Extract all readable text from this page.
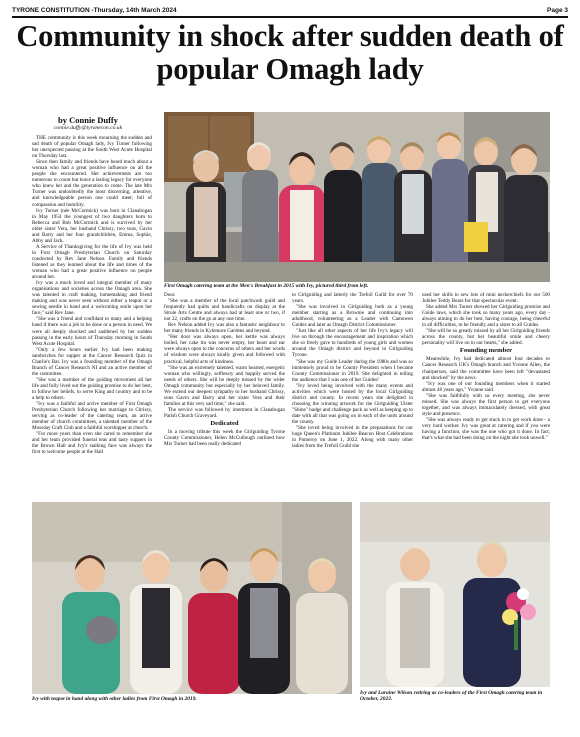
TYRONE CONSTITUTION -Thursday, 14th March 2024	Page 3
Community in shock after sudden death of popular Omagh lady
by Connie Duffy
connie.duffy@tyronecon.co.uk

THE community is this week mourning the sudden and sad death of popular Omagh lady, Ivy Turner following her unexpected passing at the South West Acute Hospital on Thursday last.

Since then family and friends have heard much about a woman who had a great positive influence on all the people she encountered. Her achievements are too numerous to count but leave a lasting legacy for everyone who knew her and the generation to come. The late Mrs Turner was undoubtedly the most discerning, attentive, and knowledgeable person one could meet; full of compassion and humility.

Ivy Turner (née McCormick) was born in Clanabogan in May 1954 the youngest of two daughters born to Rebecca and Bob McCormick and is survived by her older sister Vera, her husband Chrissy, two sons, Gavin and Barry and her four grandchildren, Emma, Sophie, Abby and Jack.

A Service of Thanksgiving for the life of Ivy was held in First Omagh Presbyterian Church on Saturday conducted by Rev Jane Nelson. Family and friends listened as they learned about the life and times of the woman who had a great positive influence on people around her.

Ivy was a much loved and integral member of many organisations and societies across the Omagh area. She was talented in craft making, homemaking and friend making and was never seen without either a teapot or a sewing needle in hand and a welcoming smile upon her face," said Rev Jane.

"She was a friend and confidant to many and a helping hand if there was a job to be done or a person in need. We were all deeply shocked and saddened by her sudden passing in the early hours of Thursday morning in South West Acute Hospital.

"Only a few hours earlier Ivy had been making sandwiches for supper at the Cancer Research Quiz in Charlie's Bar. Ivy was a founding member of the Omagh Branch of Cancer Research NI and an active member of the committee.

"She was a member of the guiding movement all her life and fully lived out the guiding promise to do her best, to follow her beliefs, to serve King and country and to be a help to others.

"Ivy was a faithful and active member of First Omagh Presbyterian Church following her marriage to Chrissy, serving as co-leader of the catering team, an active member of church committees, a talented member of the Mossday Craft Club and a faithful worshipper at church.

"For more years than even she cared to remember she and her team provided funeral teas and tasty suppers in the Brown Hall and Ivy's stalking face was always the first to welcome people at the Hall

First Omagh catering team at the Men's Breakfast in 2015 with Ivy, pictured third from left.

Door.

"She was a member of the local patchwork guild and frequently had quilts and handicrafts on display at the Strule Arts Centre and always had at least one or two, if not 22, crafts on the go at any one time.

Rev Nelson added Ivy was also a fantastic neighbour to her many friends in Kylemore Gardens and beyond.

"Her door was always open, her kettle was always boiled, her cake tin was never empty, her heart and ear were always open to the concerns of others and her words of wisdom were always kindly given and followed with practical, helpful acts of kindness.

"She was an extremely talented, warm hearted, energetic woman who willingly, selflessly and happily served the needs of others. She will be deeply missed by the wider Omagh community but especially by her beloved family. We extend our deepest sympathy to her husband Chrissy, sons Gavin and Barry and her sister Vera and their families at this very sad time," she said.

The service was followed by interment in Clanabogan Parish Church Graveyard.

Dedicated

In a moving tribute this week the Girlguiding Tyrone County Commissioner, Helen McCullough outlined how Mrs Turner had been really dedicated

to Girlguiding and latterly the Trefoil Guild for over 70 years.

"She was involved in Girlguiding both as a young member starting as a Brownie and continuing into adulthood, volunteering as a Leader with Camowen Guides and later as Omagh District Commissioner.

"Just like all other aspects of her life Ivy's legacy will live on through the encouragement and inspiration which she so freely gave to hundreds of young girls and women around the Omagh district and beyond in Girlguiding Tyrone.

"She was my Guide Leader during the 1980s and was so immensely proud to be County President when I became County Commissioner in 2019. She delighted in telling the audience that I was one of her Guides!

"Ivy loved being involved with the many events and activities which were hosted by the local Girlguiding district and county. In recent years she delighted in choosing the winning artwork for the Girlguiding Ulster "Shine" badge and challenge pack as well as keeping up to date with all that was going on in each of the units around the county.

"She loved being involved in the preparations for our huge Queen's Platinum Jubilee Beacon Host Celebrations in Pomeroy on June 1, 2022. Along with many other ladies from the Trefoil Guild she

used her skills to sew lots of mini neckerchiefs for our 500 Jubilee Teddy Bears for that spectacular event.

She added Mrs Turner showed her Girlguiding promise and Guide laws, which she took so many years ago, every day - always aiming to do her best, having courage, being cheerful in all difficulties, to be friendly and a sister to all Guides.

"She will be so greatly missed by all her Girlguiding friends across the county, but her beautiful smile and cheery personality will live on in our hearts," she added.

Founding member

Meanwhile, Ivy had dedicated almost four decades to Cancer Research UK's Omagh branch and Yvonne Allen, the chairperson, said the committee have been left "devastated and shocked" by the news.

"Ivy was one of our founding members when it started almost 40 years ago," Yvonne said.

"She was faithfully with us every meeting, she never missed. She was always the first person to get everyone together, and was always immaculately dressed, with great style and presence.

"She was always ready to get stuck in to get work done - a very hard worker. Ivy was great at catering and if you were having a function, she was the one who got it done. In fact, that's what she had been doing on the night she took unwell."

Ivy with teapot in hand along with other ladies from First Omagh in 2019.
Ivy and Laraine Wilson retiring as co-leaders of the First Omagh catering team in October, 2023.
